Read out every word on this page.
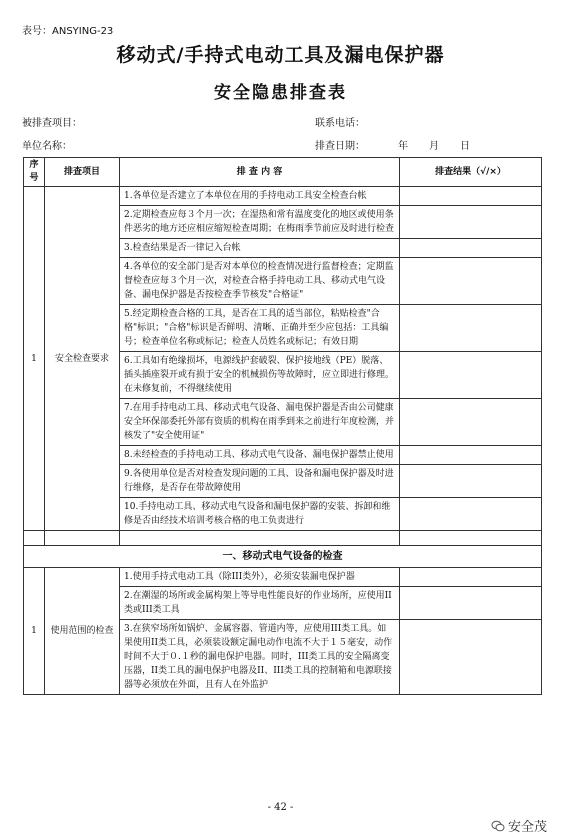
表号：ANSYING-23
移动式/手持式电动工具及漏电保护器
安全隐患排查表
被排查项目：	联系电话：
单位名称：	排查日期：	年 月 日
序号	排查项目	排 查 内 容	排查结果（√/×）
1	安全检查要求	1.各单位是否建立了本单位在用的手持电动工具安全检查台帐	
		2.定期检查应每３个月一次；在湿热和常有温度变化的地区或使用条件恶劣的地方还应相应缩短检查周期；在梅雨季节前应及时进行检查	
		3.检查结果是否一律记入台帐	
		4.各单位的安全部门是否对本单位的检查情况进行监督检查；定期监督检查应每３个月一次，对检查合格手持电动工具、移动式电气设备、漏电保护器是否按检查季节核发"合格证"	
		5.经定期检查合格的工具，是否在工具的适当部位，粘贴检查"合格"标识；"合格"标识是否鲜明、清晰、正确并至少应包括：工具编号；检查单位名称或标记；检查人员姓名或标记；有效日期	
		6.工具如有绝缘损坏，电源线护套破裂、保护接地线（PE）脱落、插头插座裂开或有损于安全的机械损伤等故障时，应立即进行修理。在未修复前，不得继续使用	
		7.在用手持电动工具、移动式电气设备、漏电保护器是否由公司健康安全环保部委托外部有资质的机构在雨季到来之前进行年度检测，并核发了"安全使用证"	
		8.未经检查的手持电动工具、移动式电气设备、漏电保护器禁止使用	
		9.各使用单位是否对检查发现问题的工具、设备和漏电保护器及时进行维修，是否存在带故障使用	
		10.手持电动工具、移动式电气设备和漏电保护器的安装、拆卸和维修是否由经技术培训考核合格的电工负责进行	

一、移动式电气设备的检查			
1	使用范围的检查	1.使用手持式电动工具（除III类外），必须安装漏电保护器	
		2.在潮湿的场所或金属构架上等导电性能良好的作业场所，应使用II类或III类工具	
		3.在狭窄场所如锅炉、金属容器、管道内等，应使用III类工具。如果使用II类工具，必须装设额定漏电动作电流不大于１５毫安，动作时间不大于０.１秒的漏电保护电器。同时，III类工具的安全隔离变压器，II类工具的漏电保护电器及II、III类工具的控制箱和电源联接器等必须放在外面，且有人在外监护	
- 42 -
安全茂
